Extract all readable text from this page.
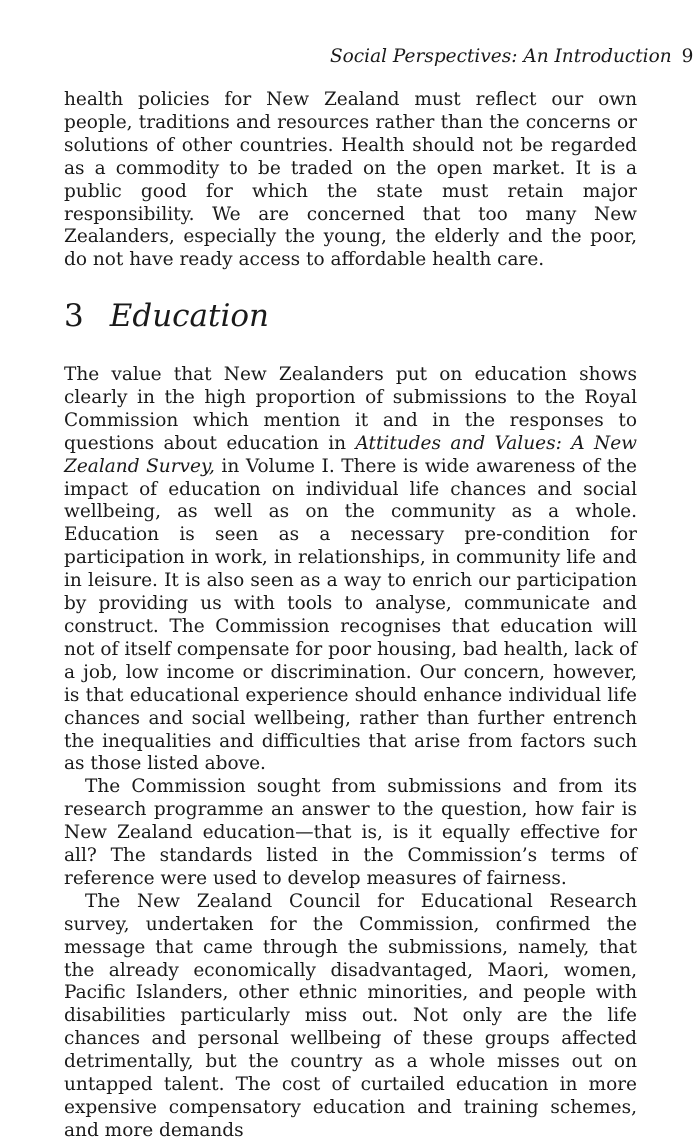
Social Perspectives: An Introduction 9

health policies for New Zealand must reflect our own people, traditions and resources rather than the concerns or solutions of other countries. Health should not be regarded as a commodity to be traded on the open market. It is a public good for which the state must retain major responsibility. We are concerned that too many New Zealanders, especially the young, the elderly and the poor, do not have ready access to affordable health care.

3 Education

The value that New Zealanders put on education shows clearly in the high proportion of submissions to the Royal Commission which mention it and in the responses to questions about education in Attitudes and Values: A New Zealand Survey, in Volume I. There is wide awareness of the impact of education on individual life chances and social wellbeing, as well as on the community as a whole. Education is seen as a necessary pre-condition for participation in work, in relationships, in community life and in leisure. It is also seen as a way to enrich our participation by providing us with tools to analyse, communicate and construct. The Commission recognises that education will not of itself compensate for poor housing, bad health, lack of a job, low income or discrimination. Our concern, however, is that educational experience should enhance individual life chances and social wellbeing, rather than further entrench the inequalities and difficulties that arise from factors such as those listed above.

The Commission sought from submissions and from its research programme an answer to the question, how fair is New Zealand education—that is, is it equally effective for all? The standards listed in the Commission’s terms of reference were used to develop measures of fairness.

The New Zealand Council for Educational Research survey, undertaken for the Commission, confirmed the message that came through the submissions, namely, that the already economically disadvantaged, Maori, women, Pacific Islanders, other ethnic minorities, and people with disabilities particularly miss out. Not only are the life chances and personal wellbeing of these groups affected detrimentally, but the country as a whole misses out on untapped talent. The cost of curtailed education in more expensive compensatory education and training schemes, and more demands
